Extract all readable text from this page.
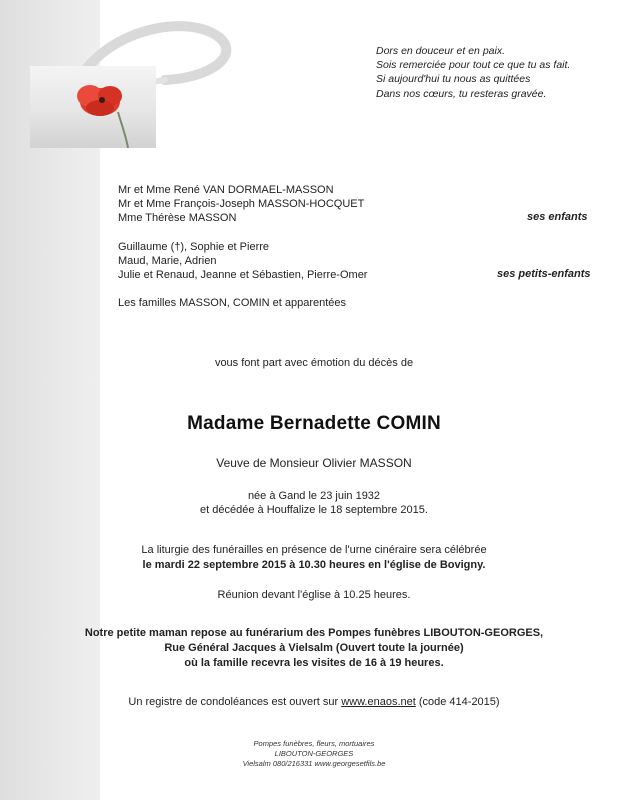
Dors en douceur et en paix.
Sois remerciée pour tout ce que tu as fait.
Si aujourd'hui tu nous as quittées
Dans nos cœurs, tu resteras gravée.
Mr et Mme René VAN DORMAEL-MASSON
Mr et Mme François-Joseph MASSON-HOCQUET
Mme Thérèse MASSON	ses enfants
Guillaume (†), Sophie et Pierre
Maud, Marie, Adrien
Julie et Renaud, Jeanne et Sébastien, Pierre-Omer	ses petits-enfants
Les familles MASSON, COMIN et apparentées
vous font part avec émotion du décès de
Madame Bernadette COMIN
Veuve de Monsieur Olivier MASSON
née à Gand le 23 juin 1932
et décédée à Houffalize le 18 septembre 2015.
La liturgie des funérailles en présence de l'urne cinéraire sera célébrée
le mardi 22 septembre 2015 à 10.30 heures en l'église de Bovigny.
Réunion devant l'église à 10.25 heures.
Notre petite maman repose au funérarium des Pompes funèbres LIBOUTON-GEORGES,
Rue Général Jacques à Vielsalm (Ouvert toute la journée)
où la famille recevra les visites de 16 à 19 heures.
Un registre de condoléances est ouvert sur www.enaos.net (code 414-2015)
Pompes funèbres, fleurs, mortuaires
LIBOUTON-GEORGES
Vielsalm 080/216331 www.georgesetfils.be
